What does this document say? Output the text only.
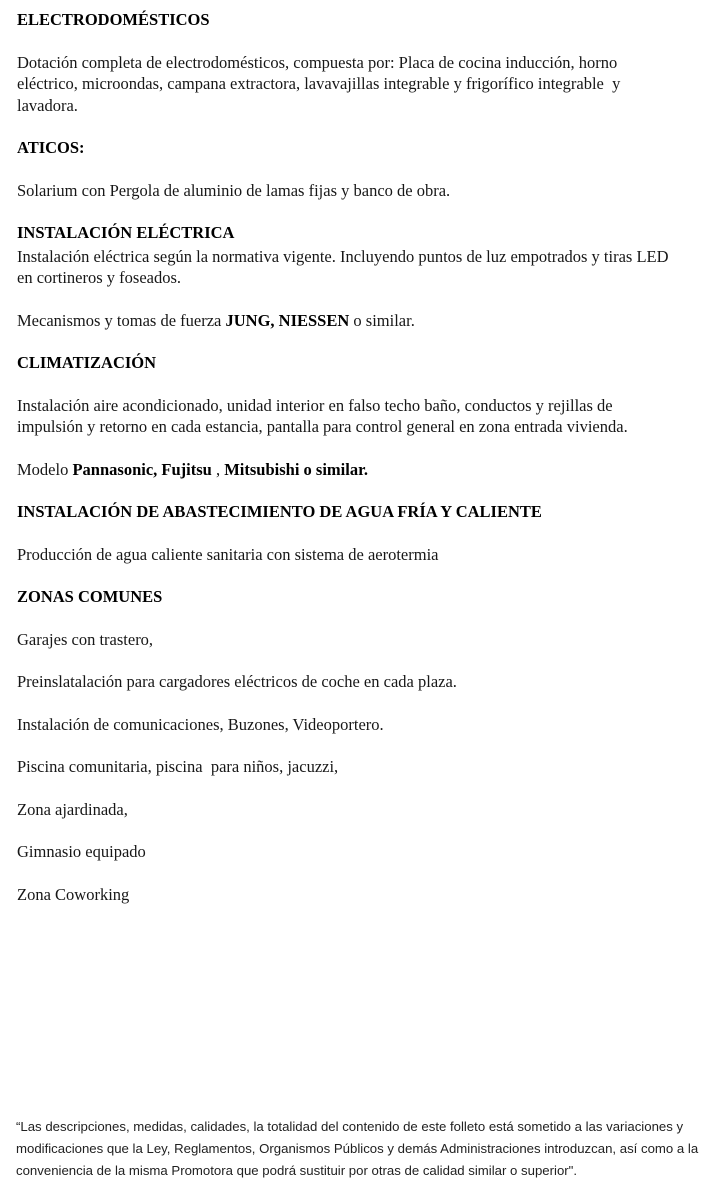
ELECTRODOMÉSTICOS
Dotación completa de electrodomésticos, compuesta por: Placa de cocina inducción, horno eléctrico, microondas, campana extractora, lavavajillas integrable y frigorífico integrable  y lavadora.
ATICOS:
Solarium con Pergola de aluminio de lamas fijas y banco de obra.
INSTALACIÓN ELÉCTRICA
Instalación eléctrica según la normativa vigente. Incluyendo puntos de luz empotrados y tiras LED en cortineros y foseados.
Mecanismos y tomas de fuerza JUNG, NIESSEN o similar.
CLIMATIZACIÓN
Instalación aire acondicionado, unidad interior en falso techo baño, conductos y rejillas de impulsión y retorno en cada estancia, pantalla para control general en zona entrada vivienda.
Modelo Pannasonic, Fujitsu , Mitsubishi o similar.
INSTALACIÓN DE ABASTECIMIENTO DE AGUA FRÍA Y CALIENTE
Producción de agua caliente sanitaria con sistema de aerotermia
ZONAS COMUNES
Garajes con trastero,
Preinslatalación para cargadores eléctricos de coche en cada plaza.
Instalación de comunicaciones, Buzones, Videoportero.
Piscina comunitaria, piscina  para niños, jacuzzi,
Zona ajardinada,
Gimnasio equipado
Zona Coworking
“Las descripciones, medidas, calidades, la totalidad del contenido de este folleto está sometido a las variaciones y modificaciones que la Ley, Reglamentos, Organismos Públicos y demás Administraciones introduzcan, así como a la conveniencia de la misma Promotora que podrá sustituir por otras de calidad similar o superior".
